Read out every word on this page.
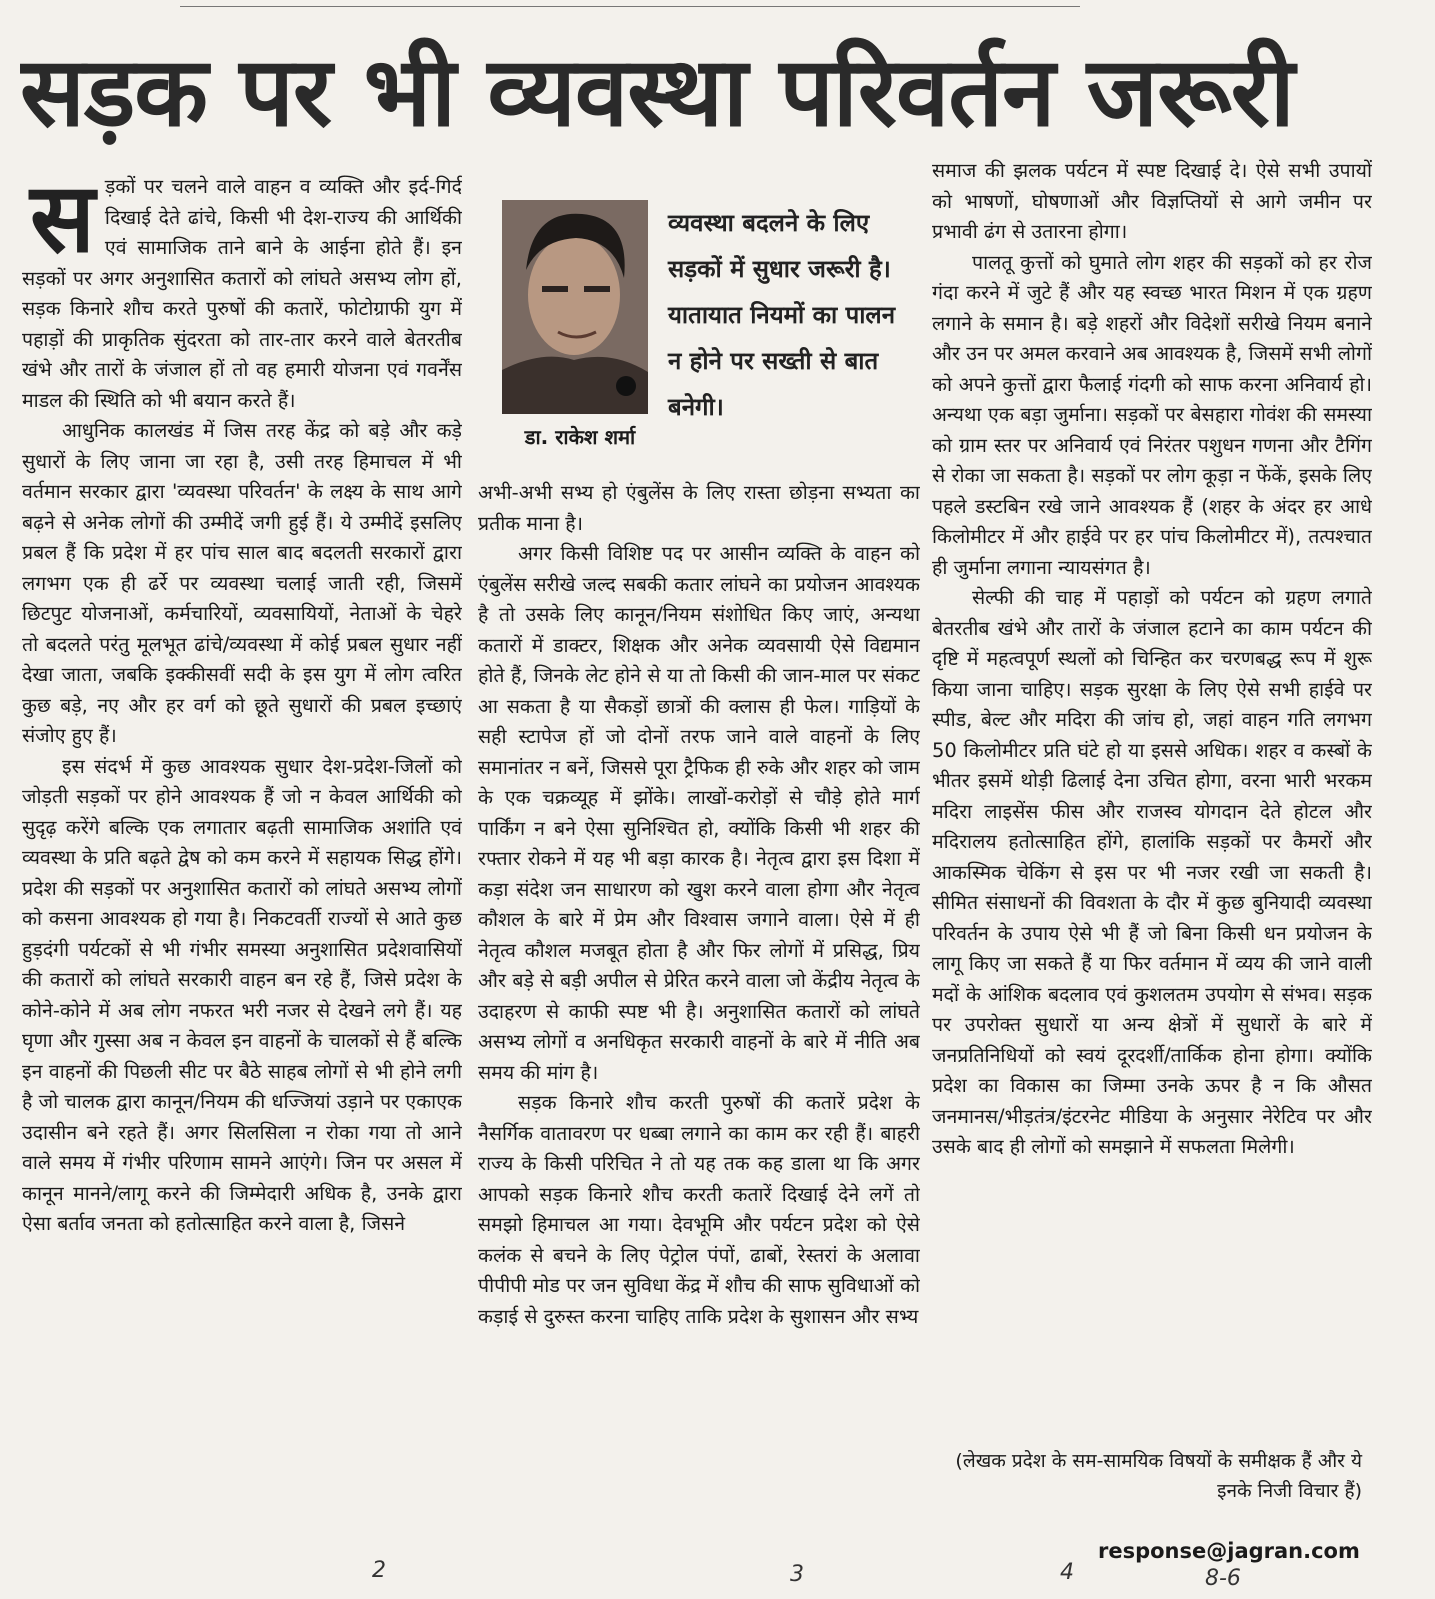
सड़क पर भी व्यवस्था परिवर्तन जरूरी
स ड़कों पर चलने वाले वाहन व व्यक्ति और इर्द-गिर्द दिखाई देते ढांचे, किसी भी देश-राज्य की आर्थिकी एवं सामाजिक ताने बाने के आईना होते हैं। इन सड़कों पर अगर अनुशासित कतारों को लांघते असभ्य लोग हों, सड़क किनारे शौच करते पुरुषों की कतारें, फोटोग्राफी युग में पहाड़ों की प्राकृतिक सुंदरता को तार-तार करने वाले बेतरतीब खंभे और तारों के जंजाल हों तो वह हमारी योजना एवं गवर्नेंस माडल की स्थिति को भी बयान करते हैं।

आधुनिक कालखंड में जिस तरह केंद्र को बड़े और कड़े सुधारों के लिए जाना जा रहा है, उसी तरह हिमाचल में भी वर्तमान सरकार द्वारा 'व्यवस्था परिवर्तन' के लक्ष्य के साथ आगे बढ़ने से अनेक लोगों की उम्मीदें जगी हुई हैं। ये उम्मीदें इसलिए प्रबल हैं कि प्रदेश में हर पांच साल बाद बदलती सरकारों द्वारा लगभग एक ही ढर्रे पर व्यवस्था चलाई जाती रही, जिसमें छिटपुट योजनाओं, कर्मचारियों, व्यवसायियों, नेताओं के चेहरे तो बदलते परंतु मूलभूत ढांचे/व्यवस्था में कोई प्रबल सुधार नहीं देखा जाता, जबकि इक्कीसवीं सदी के इस युग में लोग त्वरित कुछ बड़े, नए और हर वर्ग को छूते सुधारों की प्रबल इच्छाएं संजोए हुए हैं।

इस संदर्भ में कुछ आवश्यक सुधार देश-प्रदेश-जिलों को जोड़ती सड़कों पर होने आवश्यक हैं जो न केवल आर्थिकी को सुदृढ़ करेंगे बल्कि एक लगातार बढ़ती सामाजिक अशांति एवं व्यवस्था के प्रति बढ़ते द्वेष को कम करने में सहायक सिद्ध होंगे। प्रदेश की सड़कों पर अनुशासित कतारों को लांघते असभ्य लोगों को कसना आवश्यक हो गया है। निकटवर्ती राज्यों से आते कुछ हुड़दंगी पर्यटकों से भी गंभीर समस्या अनुशासित प्रदेशवासियों की कतारों को लांघते सरकारी वाहन बन रहे हैं, जिसे प्रदेश के कोने-कोने में अब लोग नफरत भरी नजर से देखने लगे हैं। यह घृणा और गुस्सा अब न केवल इन वाहनों के चालकों से हैं बल्कि इन वाहनों की पिछली सीट पर बैठे साहब लोगों से भी होने लगी है जो चालक द्वारा कानून/नियम की धज्जियां उड़ाने पर एकाएक उदासीन बने रहते हैं। अगर सिलसिला न रोका गया तो आने वाले समय में गंभीर परिणाम सामने आएंगे। जिन पर असल में कानून मानने/लागू करने की जिम्मेदारी अधिक है, उनके द्वारा ऐसा बर्ताव जनता को हतोत्साहित करने वाला है, जिसने

डा. राकेश शर्मा
व्यवस्था बदलने के लिए सड़कों में सुधार जरूरी है। यातायात नियमों का पालन न होने पर सख्ती से बात बनेगी।

अभी-अभी सभ्य हो एंबुलेंस के लिए रास्ता छोड़ना सभ्यता का प्रतीक माना है।

अगर किसी विशिष्ट पद पर आसीन व्यक्ति के वाहन को एंबुलेंस सरीखे जल्द सबकी कतार लांघने का प्रयोजन आवश्यक है तो उसके लिए कानून/नियम संशोधित किए जाएं, अन्यथा कतारों में डाक्टर, शिक्षक और अनेक व्यवसायी ऐसे विद्यमान होते हैं, जिनके लेट होने से या तो किसी की जान-माल पर संकट आ सकता है या सैकड़ों छात्रों की क्लास ही फेल। गाड़ियों के सही स्टापेज हों जो दोनों तरफ जाने वाले वाहनों के लिए समानांतर न बनें, जिससे पूरा ट्रैफिक ही रुके और शहर को जाम के एक चक्रव्यूह में झोंके। लाखों-करोड़ों से चौड़े होते मार्ग पार्किंग न बने ऐसा सुनिश्चित हो, क्योंकि किसी भी शहर की रफ्तार रोकने में यह भी बड़ा कारक है। नेतृत्व द्वारा इस दिशा में कड़ा संदेश जन साधारण को खुश करने वाला होगा और नेतृत्व कौशल के बारे में प्रेम और विश्वास जगाने वाला। ऐसे में ही नेतृत्व कौशल मजबूत होता है और फिर लोगों में प्रसिद्ध, प्रिय और बड़े से बड़ी अपील से प्रेरित करने वाला जो केंद्रीय नेतृत्व के उदाहरण से काफी स्पष्ट भी है। अनुशासित कतारों को लांघते असभ्य लोगों व अनधिकृत सरकारी वाहनों के बारे में नीति अब समय की मांग है।

सड़क किनारे शौच करती पुरुषों की कतारें प्रदेश के नैसर्गिक वातावरण पर धब्बा लगाने का काम कर रही हैं। बाहरी राज्य के किसी परिचित ने तो यह तक कह डाला था कि अगर आपको सड़क किनारे शौच करती कतारें दिखाई देने लगें तो समझो हिमाचल आ गया। देवभूमि और पर्यटन प्रदेश को ऐसे कलंक से बचने के लिए पेट्रोल पंपों, ढाबों, रेस्तरां के अलावा पीपीपी मोड पर जन सुविधा केंद्र में शौच की साफ सुविधाओं को कड़ाई से दुरुस्त करना चाहिए ताकि प्रदेश के सुशासन और सभ्य

समाज की झलक पर्यटन में स्पष्ट दिखाई दे। ऐसे सभी उपायों को भाषणों, घोषणाओं और विज्ञप्तियों से आगे जमीन पर प्रभावी ढंग से उतारना होगा।

पालतू कुत्तों को घुमाते लोग शहर की सड़कों को हर रोज गंदा करने में जुटे हैं और यह स्वच्छ भारत मिशन में एक ग्रहण लगाने के समान है। बड़े शहरों और विदेशों सरीखे नियम बनाने और उन पर अमल करवाने अब आवश्यक है, जिसमें सभी लोगों को अपने कुत्तों द्वारा फैलाई गंदगी को साफ करना अनिवार्य हो। अन्यथा एक बड़ा जुर्माना। सड़कों पर बेसहारा गोवंश की समस्या को ग्राम स्तर पर अनिवार्य एवं निरंतर पशुधन गणना और टैगिंग से रोका जा सकता है। सड़कों पर लोग कूड़ा न फेंकें, इसके लिए पहले डस्टबिन रखे जाने आवश्यक हैं (शहर के अंदर हर आधे किलोमीटर में और हाईवे पर हर पांच किलोमीटर में), तत्पश्चात ही जुर्माना लगाना न्यायसंगत है।

सेल्फी की चाह में पहाड़ों को पर्यटन को ग्रहण लगाते बेतरतीब खंभे और तारों के जंजाल हटाने का काम पर्यटन की दृष्टि में महत्वपूर्ण स्थलों को चिन्हित कर चरणबद्ध रूप में शुरू किया जाना चाहिए। सड़क सुरक्षा के लिए ऐसे सभी हाईवे पर स्पीड, बेल्ट और मदिरा की जांच हो, जहां वाहन गति लगभग 50 किलोमीटर प्रति घंटे हो या इससे अधिक। शहर व कस्बों के भीतर इसमें थोड़ी ढिलाई देना उचित होगा, वरना भारी भरकम मदिरा लाइसेंस फीस और राजस्व योगदान देते होटल और मदिरालय हतोत्साहित होंगे, हालांकि सड़कों पर कैमरों और आकस्मिक चेकिंग से इस पर भी नजर रखी जा सकती है। सीमित संसाधनों की विवशता के दौर में कुछ बुनियादी व्यवस्था परिवर्तन के उपाय ऐसे भी हैं जो बिना किसी धन प्रयोजन के लागू किए जा सकते हैं या फिर वर्तमान में व्यय की जाने वाली मदों के आंशिक बदलाव एवं कुशलतम उपयोग से संभव। सड़क पर उपरोक्त सुधारों या अन्य क्षेत्रों में सुधारों के बारे में जनप्रतिनिधियों को स्वयं दूरदर्शी/तार्किक होना होगा। क्योंकि प्रदेश का विकास का जिम्मा उनके ऊपर है न कि औसत जनमानस/भीड़तंत्र/इंटरनेट मीडिया के अनुसार नेरेटिव पर और उसके बाद ही लोगों को समझाने में सफलता मिलेगी।

(लेखक प्रदेश के सम-सामयिक विषयों के समीक्षक हैं और ये इनके निजी विचार हैं)
response@jagran.com
2	3	4	8-6
